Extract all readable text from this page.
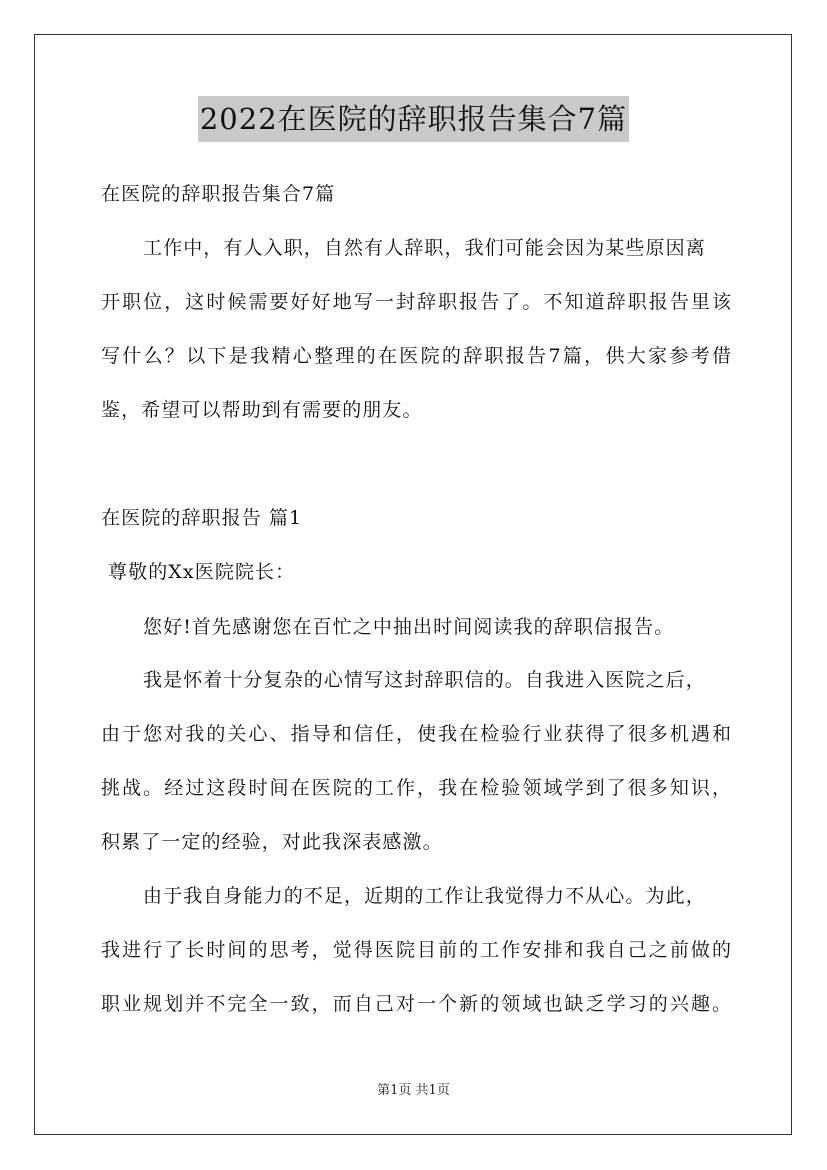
2022在医院的辞职报告集合7篇
在医院的辞职报告集合7篇
工作中，有人入职，自然有人辞职，我们可能会因为某些原因离
开职位，这时候需要好好地写一封辞职报告了。不知道辞职报告里该
写什么？以下是我精心整理的在医院的辞职报告7篇，供大家参考借
鉴，希望可以帮助到有需要的朋友。
在医院的辞职报告 篇1
尊敬的Xx医院院长：
您好!首先感谢您在百忙之中抽出时间阅读我的辞职信报告。
我是怀着十分复杂的心情写这封辞职信的。自我进入医院之后，
由于您对我的关心、指导和信任，使我在检验行业获得了很多机遇和
挑战。经过这段时间在医院的工作，我在检验领域学到了很多知识，
积累了一定的经验，对此我深表感激。
由于我自身能力的不足，近期的工作让我觉得力不从心。为此，
我进行了长时间的思考，觉得医院目前的工作安排和我自己之前做的
职业规划并不完全一致，而自己对一个新的领域也缺乏学习的兴趣。
第1页 共1页
